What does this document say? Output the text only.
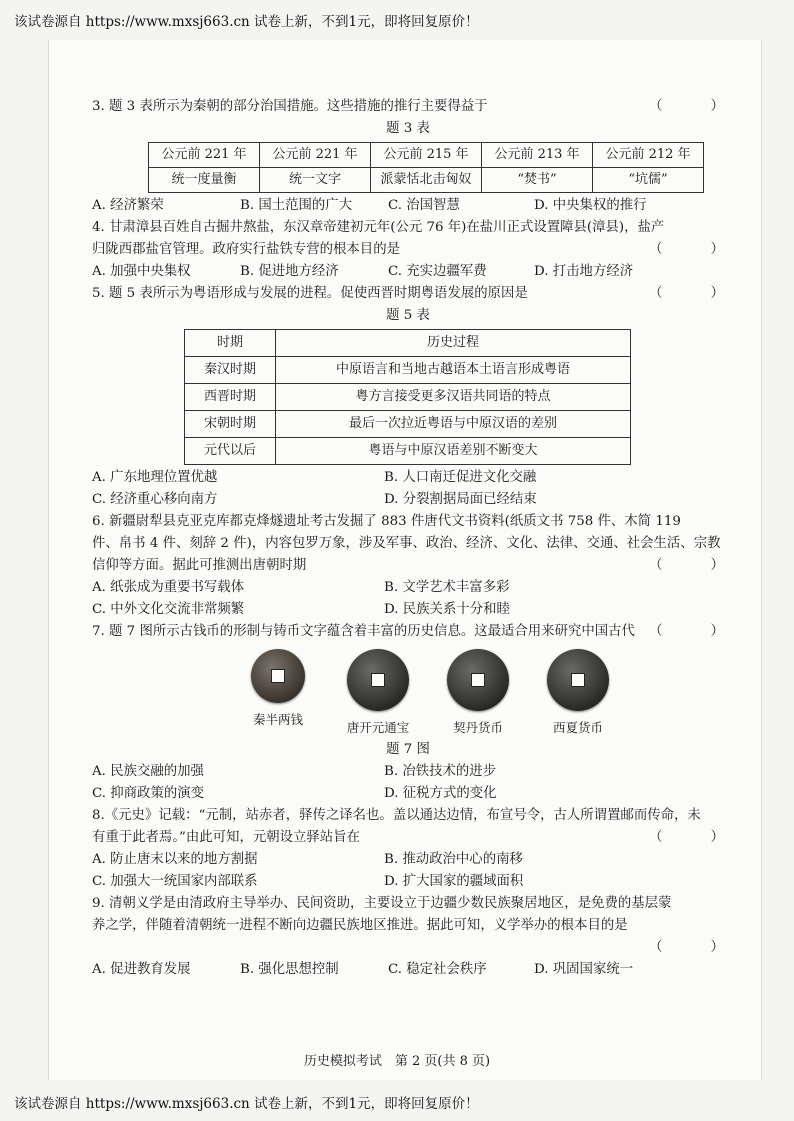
该试卷源自 https://www.mxsj663.cn 试卷上新，不到1元，即将回复原价！
（ ）

3. 题 3 表所示为秦朝的部分治国措施。这些措施的推行主要得益于

题 3 表

公元前 221 年	公元前 221 年	公元前 215 年	公元前 213 年	公元前 212 年
统一度量衡	统一文字	派蒙恬北击匈奴	“焚书”	“坑儒”
A. 经济繁荣	B. 国土范围的广大	C. 治国智慧	D. 中央集权的推行

4. 甘肃漳县百姓自古掘井熬盐，东汉章帝建初元年(公元 76 年)在盐川正式设置障县(漳县)，盐产

（ ）

归陇西郡盐官管理。政府实行盐铁专营的根本目的是

A. 加强中央集权	B. 促进地方经济	C. 充实边疆军费	D. 打击地方经济
（ ）

5. 题 5 表所示为粤语形成与发展的进程。促使西晋时期粤语发展的原因是

题 5 表

时期	历史过程
秦汉时期	中原语言和当地古越语本土语言形成粤语
西晋时期	粤方言接受更多汉语共同语的特点
宋朝时期	最后一次拉近粤语与中原汉语的差别
元代以后	粤语与中原汉语差别不断变大
A. 广东地理位置优越	B. 人口南迁促进文化交融
C. 经济重心移向南方	D. 分裂割据局面已经结束

6. 新疆尉犁县克亚克库都克烽燧遗址考古发掘了 883 件唐代文书资料(纸质文书 758 件、木简 119

件、帛书 4 件、刻辞 2 件)，内容包罗万象，涉及军事、政治、经济、文化、法律、交通、社会生活、宗教

（ ）

信仰等方面。据此可推测出唐朝时期

A. 纸张成为重要书写载体	B. 文学艺术丰富多彩
C. 中外文化交流非常频繁	D. 民族关系十分和睦
（ ）

7. 题 7 图所示古钱币的形制与铸币文字蕴含着丰富的历史信息。这最适合用来研究中国古代

秦半两钱
唐开元通宝	契丹货币	西夏货币

题 7 图

A. 民族交融的加强	B. 冶铁技术的进步
C. 抑商政策的演变	D. 征税方式的变化

8.《元史》记载：“元制，站赤者，驿传之译名也。盖以通达边情，布宣号令，古人所谓置邮而传命，未

（ ）

有重于此者焉。”由此可知，元朝设立驿站旨在

A. 防止唐末以来的地方割据	B. 推动政治中心的南移
C. 加强大一统国家内部联系	D. 扩大国家的疆域面积

9. 清朝义学是由清政府主导举办、民间资助，主要设立于边疆少数民族聚居地区，是免费的基层蒙

养之学，伴随着清朝统一进程不断向边疆民族地区推进。据此可知，义学举办的根本目的是

（ ）

A. 促进教育发展	B. 强化思想控制	C. 稳定社会秩序	D. 巩固国家统一
历史模拟考试　第 2 页(共 8 页)
该试卷源自 https://www.mxsj663.cn 试卷上新，不到1元，即将回复原价！
